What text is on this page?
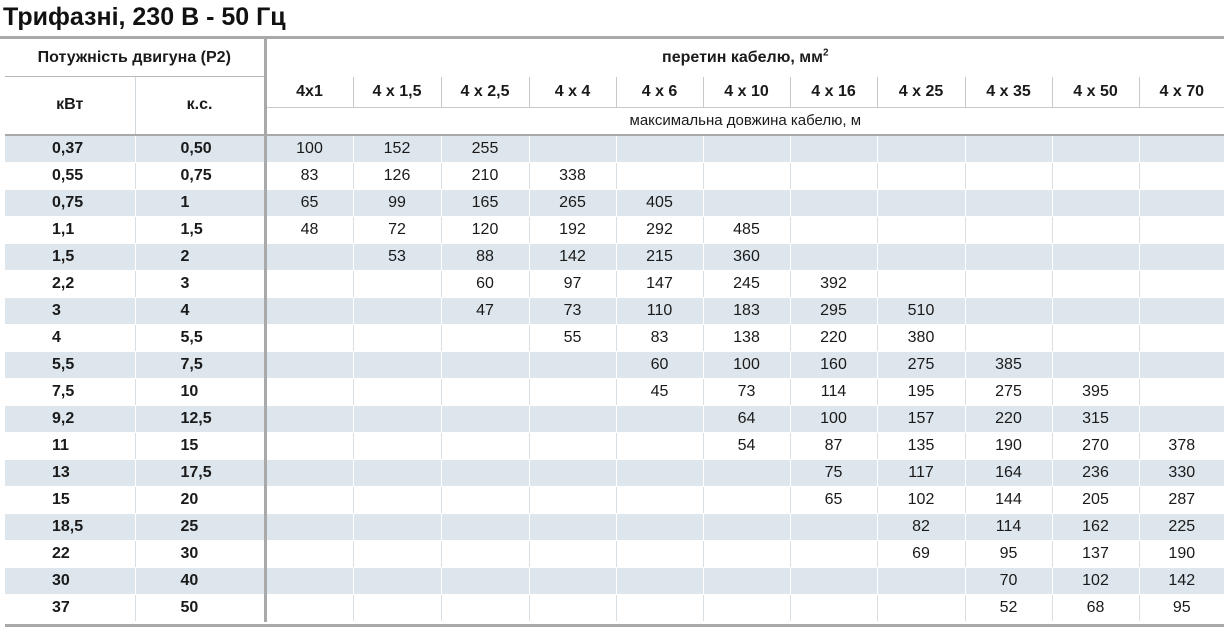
Трифазні, 230 В - 50 Гц
Потужність двигуна (P2)		перетин кабелю, $мм^2$
кВт	к.с.	4x1	4 x 1,5	4 x 2,5	4 x 4	4 x 6	4 x 10	4 x 16	4 x 25	4 x 35	4 x 50	4 x 70
		максимальна довжина кабелю, м										
0,37	0,50	100	152	255								
0,55	0,75	83	126	210	338							
0,75	1	65	99	165	265	405						
1,1	1,5	48	72	120	192	292	485					
1,5	2		53	88	142	215	360					
2,2	3			60	97	147	245	392				
3	4			47	73	110	183	295	510			
4	5,5				55	83	138	220	380			
5,5	7,5					60	100	160	275	385		
7,5	10					45	73	114	195	275	395	
9,2	12,5						64	100	157	220	315	
11	15						54	87	135	190	270	378
13	17,5							75	117	164	236	330
15	20							65	102	144	205	287
18,5	25								82	114	162	225
22	30								69	95	137	190
30	40									70	102	142
37	50									52	68	95
